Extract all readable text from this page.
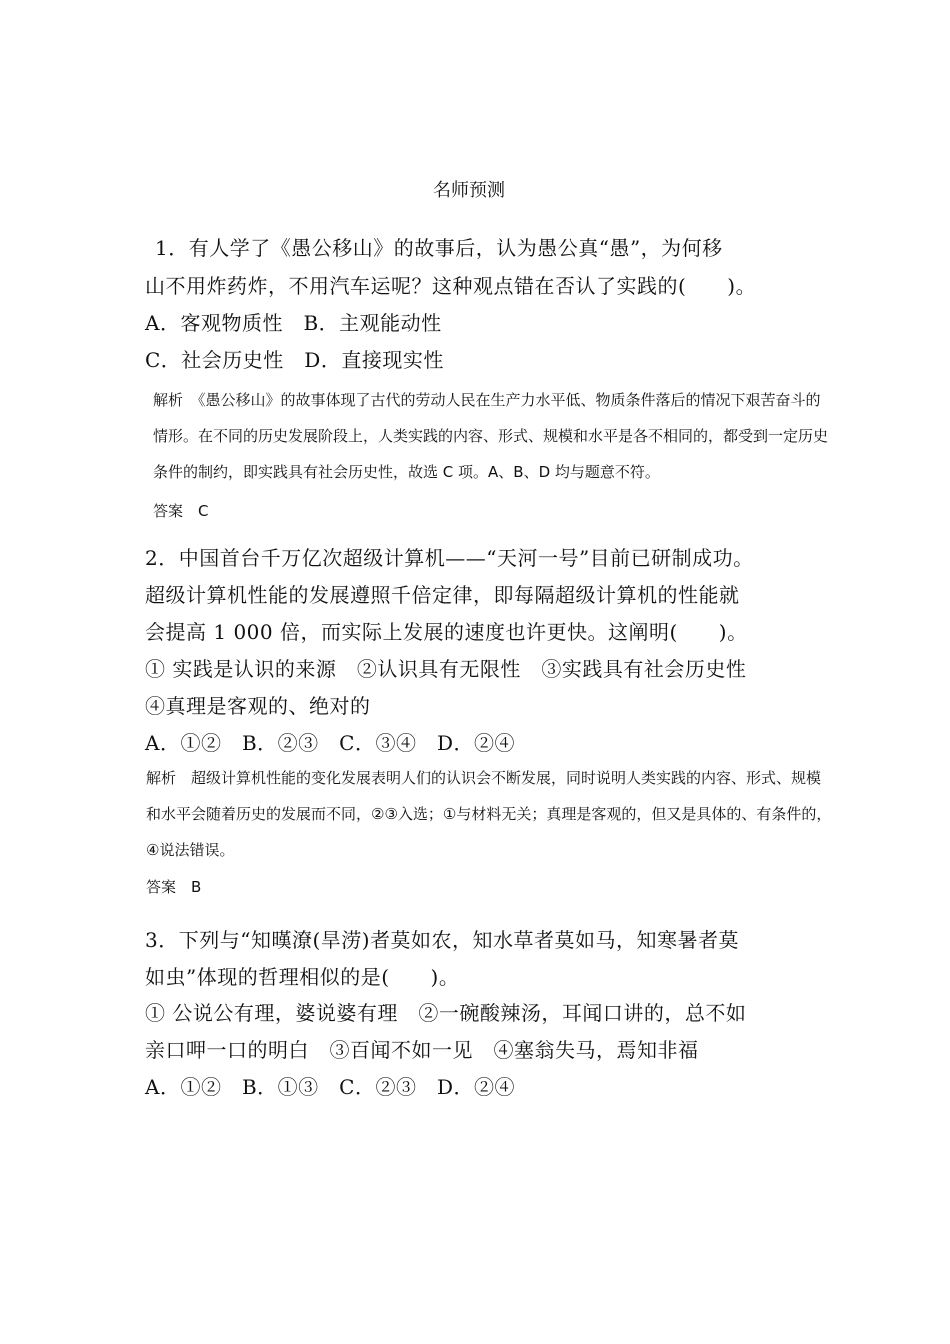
名师预测
1．有人学了《愚公移山》的故事后，认为愚公真“愚”，为何移
山不用炸药炸，不用汽车运呢？这种观点错在否认了实践的(　　)。
A．客观物质性　B．主观能动性
C．社会历史性　D．直接现实性
解析　《愚公移山》的故事体现了古代的劳动人民在生产力水平低、物质条件落后的情况下艰苦奋斗的
情形。在不同的历史发展阶段上，人类实践的内容、形式、规模和水平是各不相同的，都受到一定历史
条件的制约，即实践具有社会历史性，故选 C 项。A、B、D 均与题意不符。
答案　C
2．中国首台千万亿次超级计算机——“天河一号”目前已研制成功。
超级计算机性能的发展遵照千倍定律，即每隔超级计算机的性能就
会提高 1 000 倍，而实际上发展的速度也许更快。这阐明(　　)。
① 实践是认识的来源　②认识具有无限性　③实践具有社会历史性
④真理是客观的、绝对的
A．①②　B．②③　C．③④　D．②④
解析　超级计算机性能的变化发展表明人们的认识会不断发展，同时说明人类实践的内容、形式、规模
和水平会随着历史的发展而不同，②③入选；①与材料无关；真理是客观的，但又是具体的、有条件的，
④说法错误。
答案　B
3．下列与“知暵潦(旱涝)者莫如农，知水草者莫如马，知寒暑者莫
如虫”体现的哲理相似的是(　　)。
① 公说公有理，婆说婆有理　②一碗酸辣汤，耳闻口讲的，总不如
亲口呷一口的明白　③百闻不如一见　④塞翁失马，焉知非福
A．①②　B．①③　C．②③　D．②④
